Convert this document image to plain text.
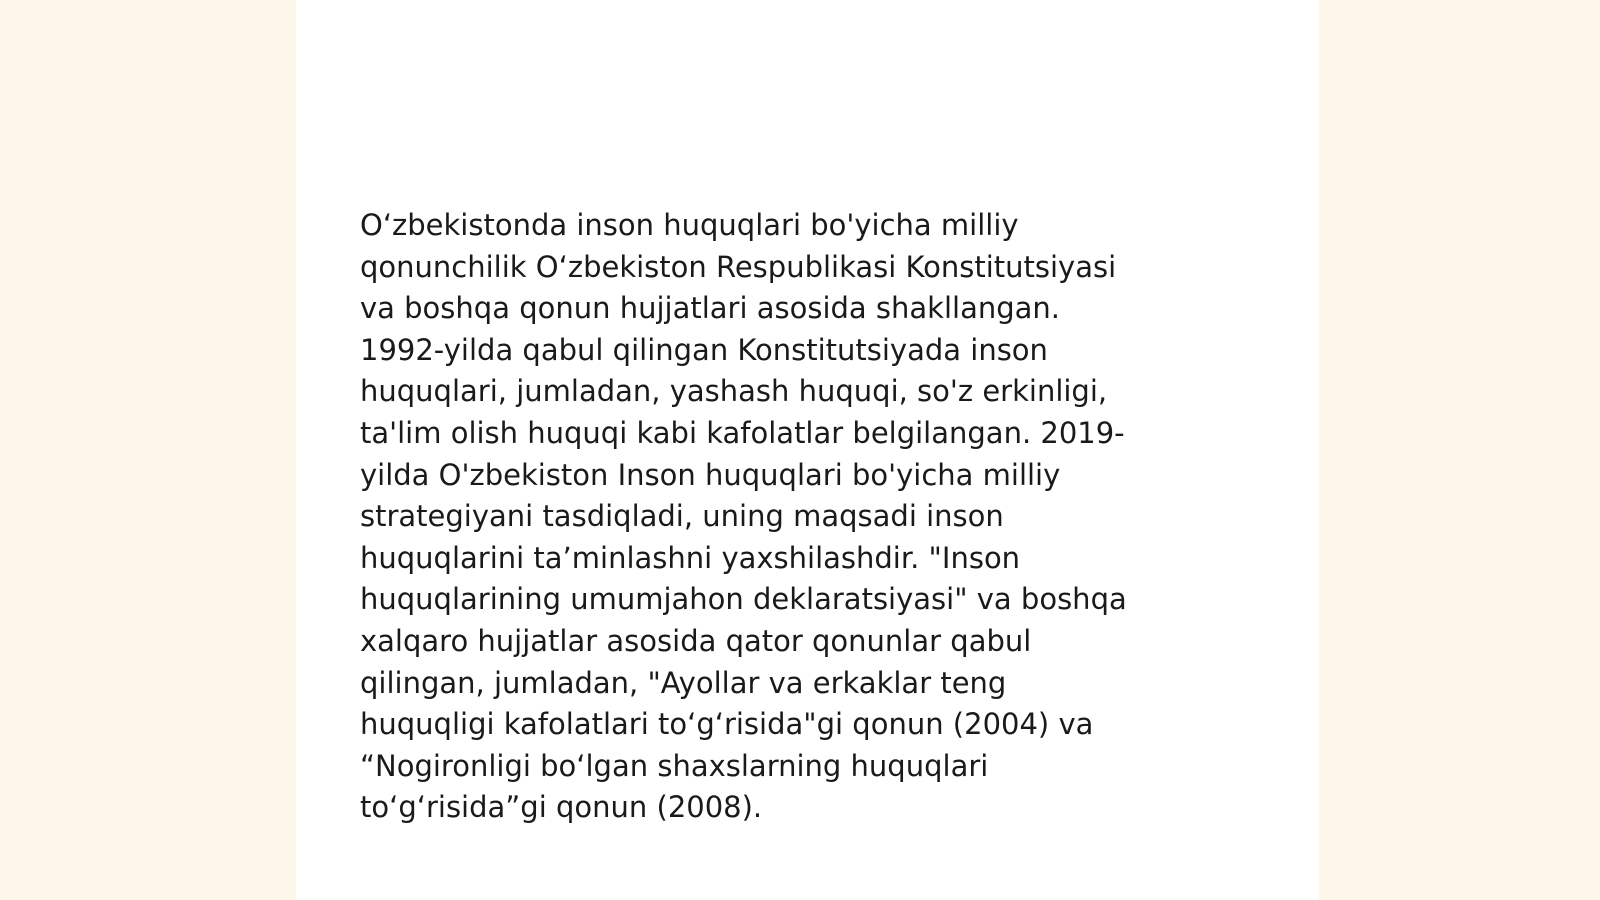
O‘zbekistonda inson huquqlari bo'yicha milliy
qonunchilik O‘zbekiston Respublikasi Konstitutsiyasi
va boshqa qonun hujjatlari asosida shakllangan.
1992-yilda qabul qilingan Konstitutsiyada inson
huquqlari, jumladan, yashash huquqi, so'z erkinligi,
ta'lim olish huquqi kabi kafolatlar belgilangan. 2019-
yilda O'zbekiston Inson huquqlari bo'yicha milliy
strategiyani tasdiqladi, uning maqsadi inson
huquqlarini ta’minlashni yaxshilashdir. "Inson
huquqlarining umumjahon deklaratsiyasi" va boshqa
xalqaro hujjatlar asosida qator qonunlar qabul
qilingan, jumladan, "Ayollar va erkaklar teng
huquqligi kafolatlari to‘g‘risida"gi qonun (2004) va
“Nogironligi bo‘lgan shaxslarning huquqlari
to‘g‘risida”gi qonun (2008).
